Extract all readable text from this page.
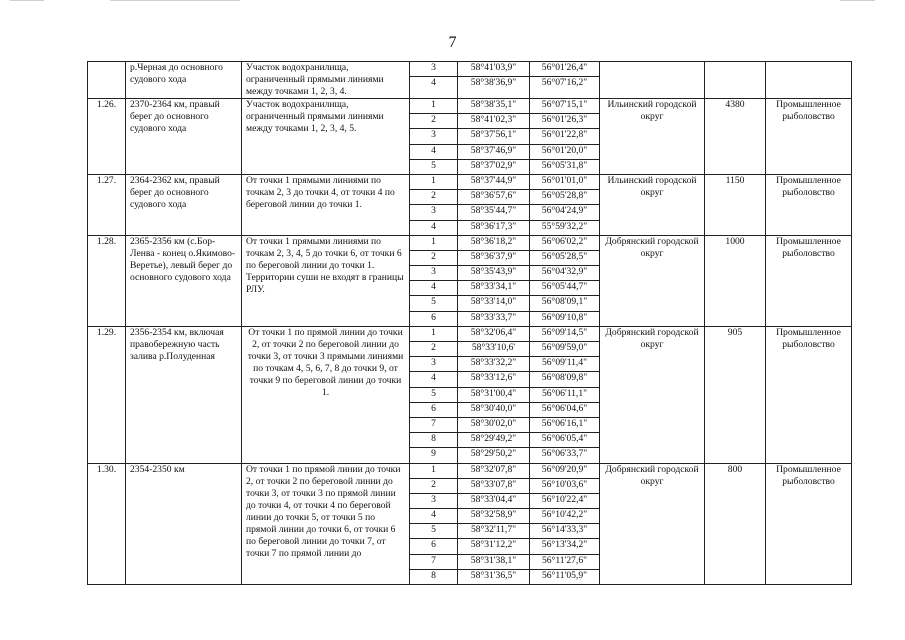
7
	р.Черная до основного судового хода	Участок водохранилища, ограниченный прямыми линиями между точками 1, 2, 3, 4.	3	58°41'03,9"	56°01'26,4"			
			4	58°38'36,9"	56°07'16,2"			
1.26.	2370-2364 км, правый берег до основного судового хода	Участок водохранилища, ограниченный прямыми линиями между точками 1, 2, 3, 4, 5.	1	58°38'35,1"	56°07'15,1"	Ильинский городской округ	4380	Промышленное рыболовство
			2	58°41'02,3"	56°01'26,3"			
			3	58°37'56,1"	56°01'22,8"			
			4	58°37'46,9"	56°01'20,0"			
			5	58°37'02,9"	56°05'31,8"			
1.27.	2364-2362 км, правый берег до основного судового хода	От точки 1 прямыми линиями по точкам 2, 3 до точки 4, от точки 4 по береговой линии до точки 1.	1	58°37'44,9"	56°01'01,0"	Ильинский городской округ	1150	Промышленное рыболовство
			2	58°36'57,6"	56°05'28,8"			
			3	58°35'44,7"	56°04'24,9"			
			4	58°36'17,3"	55°59'32,2"			
1.28.	2365-2356 км (с.Бор-Ленва - конец о.Якимово-Веретье), левый берег до основного судового хода	От точки 1 прямыми линиями по точкам 2, 3, 4, 5 до точки 6, от точки 6 по береговой линии до точки 1. Территории суши не входят в границы РЛУ.	1	58°36'18,2"	56°06'02,2"	Добрянский городской округ	1000	Промышленное рыболовство
			2	58°36'37,9"	56°05'28,5"			
			3	58°35'43,9"	56°04'32,9"			
			4	58°33'34,1"	56°05'44,7"			
			5	58°33'14,0"	56°08'09,1"			
			6	58°33'33,7"	56°09'10,8"			
1.29.	2356-2354 км, включая правобережную часть залива р.Полуденная	От точки 1 по прямой линии до точки 2, от точки 2 по береговой линии до точки 3, от точки 3 прямыми линиями по точкам 4, 5, 6, 7, 8 до точки 9, от точки 9 по береговой линии до точки 1.	1	58°32'06,4"	56°09'14,5"	Добрянский городской округ	905	Промышленное рыболовство
			2	58°33'10,6'	56°09'59,0"			
			3	58°33'32,2"	56°09'11,4"			
			4	58°33'12,6"	56°08'09,8"			
			5	58°31'00,4"	56°06'11,1"			
			6	58°30'40,0"	56°06'04,6"			
			7	58°30'02,0"	56°06'16,1"			
			8	58°29'49,2"	56°06'05,4"			
			9	58°29'50,2"	56°06'33,7"			
1.30.	2354-2350 км	От точки 1 по прямой линии до точки 2, от точки 2 по береговой линии до точки 3, от точки 3 по прямой линии до точки 4, от точки 4 по береговой линии до точки 5, от точки 5 по прямой линии до точки 6, от точки 6 по береговой линии до точки 7, от точки 7 по прямой линии до	1	58°32'07,8"	56°09'20,9"	Добрянский городской округ	800	Промышленное рыболовство
			2	58°33'07,8"	56°10'03,6"			
			3	58°33'04,4"	56°10'22,4"			
			4	58°32'58,9"	56°10'42,2"			
			5	58°32'11,7"	56°14'33,3"			
			6	58°31'12,2"	56°13'34,2"			
			7	58°31'38,1"	56°11'27,6"			
			8	58°31'36,5"	56°11'05,9"			
